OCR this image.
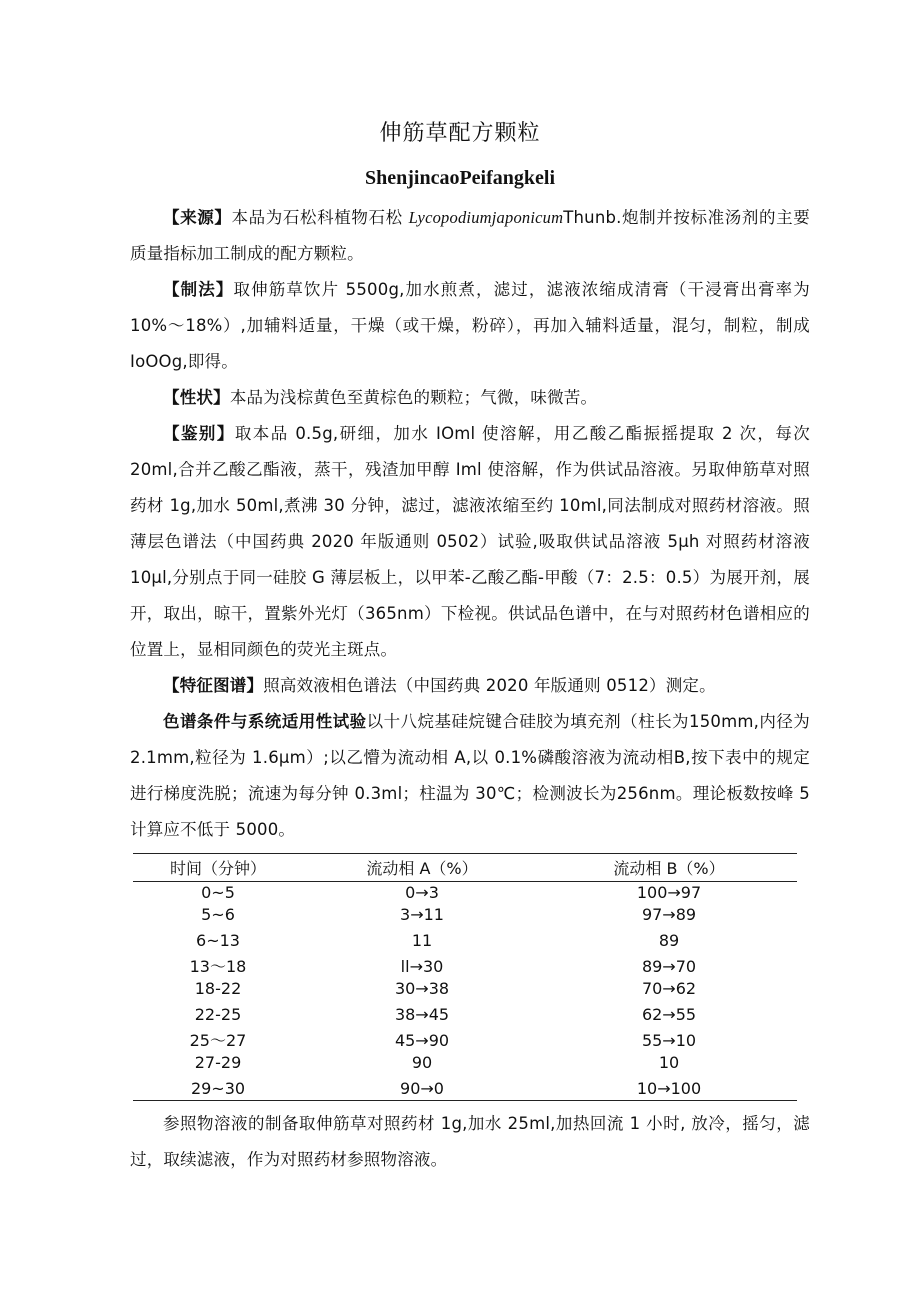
伸筋草配方颗粒
ShenjincaoPeifangkeli
【来源】本品为石松科植物石松 LycopodiumjaponicumThunb.炮制并按标准汤剂的主要质量指标加工制成的配方颗粒。
【制法】取伸筋草饮片 5500g,加水煎煮，滤过，滤液浓缩成清膏（干浸膏出膏率为 10%～18%）,加辅料适量，干燥（或干燥，粉碎），再加入辅料适量，混匀，制粒，制成 IoOOg,即得。
【性状】本品为浅棕黄色至黄棕色的颗粒；气微，味微苦。
【鉴别】取本品 0.5g,研细，加水 IOml 使溶解，用乙酸乙酯振摇提取 2 次，每次 20ml,合并乙酸乙酯液，蒸干，残渣加甲醇 Iml 使溶解，作为供试品溶液。另取伸筋草对照药材 1g,加水 50ml,煮沸 30 分钟，滤过，滤液浓缩至约 10ml,同法制成对照药材溶液。照薄层色谱法（中国药典 2020 年版通则 0502）试验,吸取供试品溶液 5μh 对照药材溶液 10μl,分别点于同一硅胶 G 薄层板上，以甲苯-乙酸乙酯-甲酸（7：2.5：0.5）为展开剂，展开，取出，晾干，置紫外光灯（365nm）下检视。供试品色谱中，在与对照药材色谱相应的位置上，显相同颜色的荧光主斑点。
【特征图谱】照高效液相色谱法（中国药典 2020 年版通则 0512）测定。
色谱条件与系统适用性试验以十八烷基硅烷键合硅胶为填充剂（柱长为150mm,内径为 2.1mm,粒径为 1.6μm）;以乙懵为流动相 A,以 0.1%磷酸溶液为流动相B,按下表中的规定进行梯度洗脱；流速为每分钟 0.3ml；柱温为 30℃；检测波长为256nm。理论板数按峰 5 计算应不低于 5000。
时间（分钟）	流动相 A（%）	流动相 B（%）
0~5	0→3	100→97
5~6	3→11	97→89
6~13	11	89
13～18	ll→30	89→70
18-22	30→38	70→62
22-25	38→45	62→55
25～27	45→90	55→10
27-29	90	10
29~30	90→0	10→100
参照物溶液的制备取伸筋草对照药材 1g,加水 25ml,加热回流 1 小时, 放冷，摇匀，滤过，取续滤液，作为对照药材参照物溶液。
